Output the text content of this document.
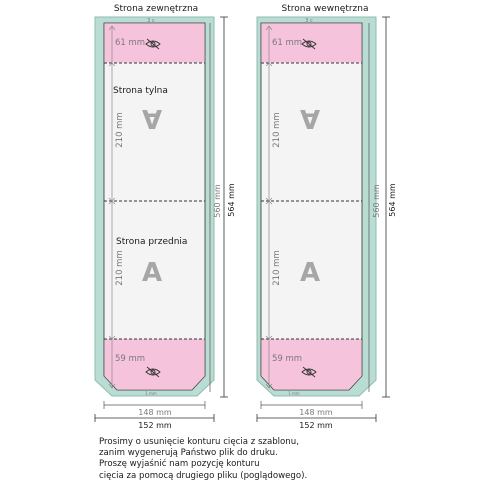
Strona zewnętrzna
3 c
1 mm
61 mm
59 mm
Strona tylna
Strona przednia
210 mm
210 mm
A
A
560 mm 564 mm
148 mm
152 mm
Strona wewnętrzna
3 c
1 mm
61 mm
59 mm
210 mm
210 mm
A
A
560 mm 564 mm
148 mm
152 mm
Prosimy o usunięcie konturu cięcia z szablonu,
zanim wygenerują Państwo plik do druku.
Proszę wyjaśnić nam pozycję konturu
cięcia za pomocą drugiego pliku (poglądowego).
